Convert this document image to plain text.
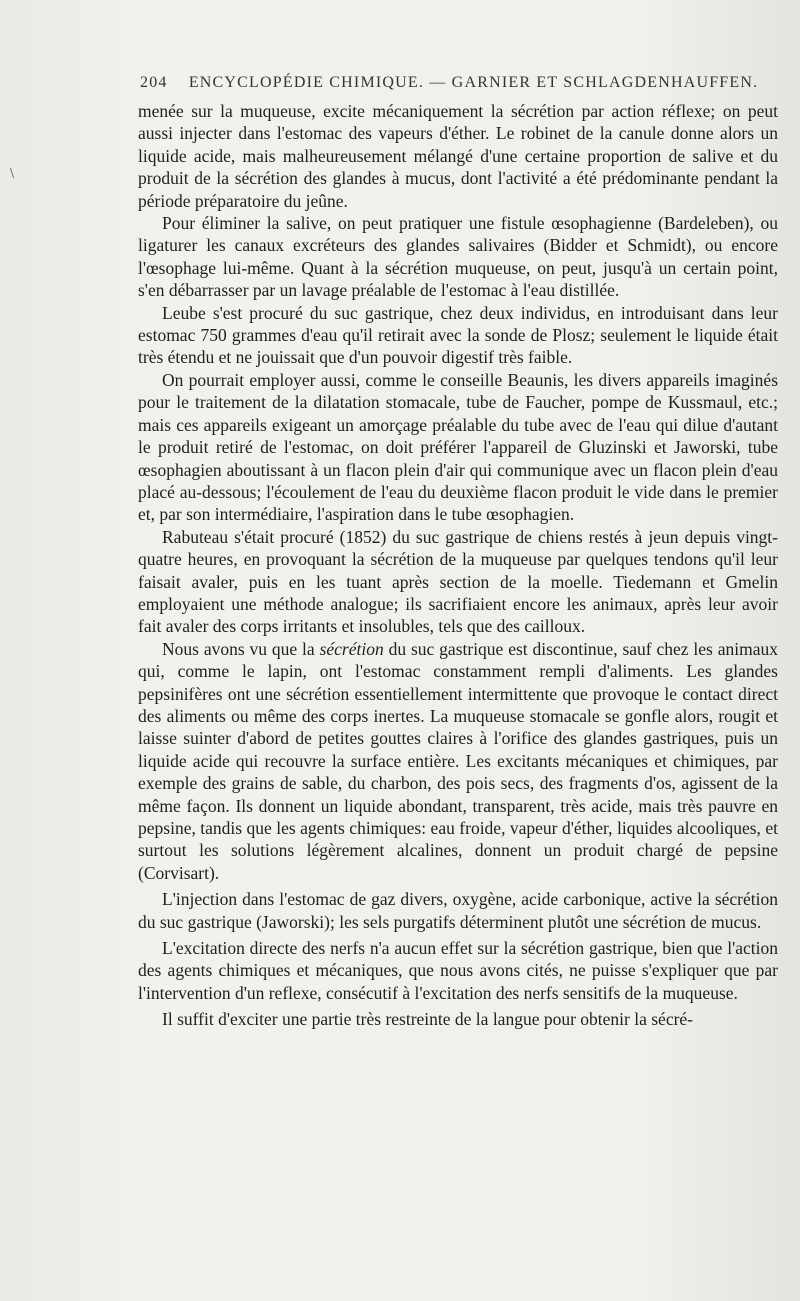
204 ENCYCLOPÉDIE CHIMIQUE. — GARNIER ET SCHLAGDENHAUFFEN.
\

menée sur la muqueuse, excite mécaniquement la sécrétion par action réflexe; on peut aussi injecter dans l'estomac des vapeurs d'éther. Le robinet de la canule donne alors un liquide acide, mais malheureusement mélangé d'une certaine proportion de salive et du produit de la sécrétion des glandes à mucus, dont l'activité a été prédominante pendant la période préparatoire du jeûne.

Pour éliminer la salive, on peut pratiquer une fistule œsophagienne (Bardeleben), ou ligaturer les canaux excréteurs des glandes salivaires (Bidder et Schmidt), ou encore l'œsophage lui-même. Quant à la sécrétion muqueuse, on peut, jusqu'à un certain point, s'en débarrasser par un lavage préalable de l'estomac à l'eau distillée.

Leube s'est procuré du suc gastrique, chez deux individus, en introduisant dans leur estomac 750 grammes d'eau qu'il retirait avec la sonde de Plosz; seulement le liquide était très étendu et ne jouissait que d'un pouvoir digestif très faible.

On pourrait employer aussi, comme le conseille Beaunis, les divers appareils imaginés pour le traitement de la dilatation stomacale, tube de Faucher, pompe de Kussmaul, etc.; mais ces appareils exigeant un amorçage préalable du tube avec de l'eau qui dilue d'autant le produit retiré de l'estomac, on doit préférer l'appareil de Gluzinski et Jaworski, tube œsophagien aboutissant à un flacon plein d'air qui communique avec un flacon plein d'eau placé au-dessous; l'écoulement de l'eau du deuxième flacon produit le vide dans le premier et, par son intermédiaire, l'aspiration dans le tube œsophagien.

Rabuteau s'était procuré (1852) du suc gastrique de chiens restés à jeun depuis vingt-quatre heures, en provoquant la sécrétion de la muqueuse par quelques tendons qu'il leur faisait avaler, puis en les tuant après section de la moelle. Tiedemann et Gmelin employaient une méthode analogue; ils sacrifiaient encore les animaux, après leur avoir fait avaler des corps irritants et insolubles, tels que des cailloux.

Nous avons vu que la sécrétion du suc gastrique est discontinue, sauf chez les animaux qui, comme le lapin, ont l'estomac constamment rempli d'aliments. Les glandes pepsinifères ont une sécrétion essentiellement intermittente que provoque le contact direct des aliments ou même des corps inertes. La muqueuse stomacale se gonfle alors, rougit et laisse suinter d'abord de petites gouttes claires à l'orifice des glandes gastriques, puis un liquide acide qui recouvre la surface entière. Les excitants mécaniques et chimiques, par exemple des grains de sable, du charbon, des pois secs, des fragments d'os, agissent de la même façon. Ils donnent un liquide abondant, transparent, très acide, mais très pauvre en pepsine, tandis que les agents chimiques: eau froide, vapeur d'éther, liquides alcooliques, et surtout les solutions légèrement alcalines, donnent un produit chargé de pepsine (Corvisart).

L'injection dans l'estomac de gaz divers, oxygène, acide carbonique, active la sécrétion du suc gastrique (Jaworski); les sels purgatifs déterminent plutôt une sécrétion de mucus.

L'excitation directe des nerfs n'a aucun effet sur la sécrétion gastrique, bien que l'action des agents chimiques et mécaniques, que nous avons cités, ne puisse s'expliquer que par l'intervention d'un reflexe, consécutif à l'excitation des nerfs sensitifs de la muqueuse.

Il suffit d'exciter une partie très restreinte de la langue pour obtenir la sécré-
